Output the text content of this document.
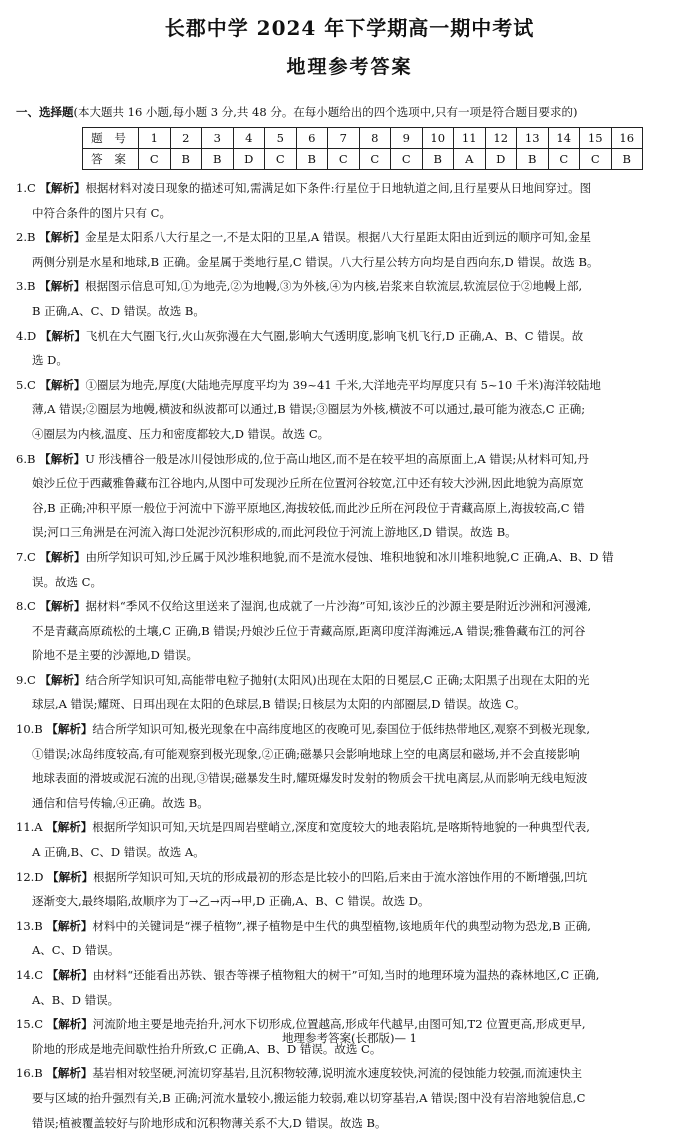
长郡中学 2024 年下学期高一期中考试
地理参考答案
一、选择题(本大题共 16 小题,每小题 3 分,共 48 分。在每小题给出的四个选项中,只有一项是符合题目要求的)
题 号	1	2	3	4	5	6	7	8	9	10	11	12	13	14	15	16
答 案	C	B	B	D	C	B	C	C	C	B	A	D	B	C	C	B
1.C 【解析】根据材料对凌日现象的描述可知,需满足如下条件:行星位于日地轨道之间,且行星要从日地间穿过。图
中符合条件的图片只有 C。
2.B 【解析】金星是太阳系八大行星之一,不是太阳的卫星,A 错误。根据八大行星距太阳由近到远的顺序可知,金星
两侧分别是水星和地球,B 正确。金星属于类地行星,C 错误。八大行星公转方向均是自西向东,D 错误。故选 B。
3.B 【解析】根据图示信息可知,①为地壳,②为地幔,③为外核,④为内核,岩浆来自软流层,软流层位于②地幔上部,
B 正确,A、C、D 错误。故选 B。
4.D 【解析】飞机在大气圈飞行,火山灰弥漫在大气圈,影响大气透明度,影响飞机飞行,D 正确,A、B、C 错误。故
选 D。
5.C 【解析】①圈层为地壳,厚度(大陆地壳厚度平均为 39~41 千米,大洋地壳平均厚度只有 5~10 千米)海洋较陆地
薄,A 错误;②圈层为地幔,横波和纵波都可以通过,B 错误;③圈层为外核,横波不可以通过,最可能为液态,C 正确;
④圈层为内核,温度、压力和密度都较大,D 错误。故选 C。
6.B 【解析】U 形浅槽谷一般是冰川侵蚀形成的,位于高山地区,而不是在较平坦的高原面上,A 错误;从材料可知,丹
娘沙丘位于西藏雅鲁藏布江谷地内,从图中可发现沙丘所在位置河谷较宽,江中还有较大沙洲,因此地貌为高原宽
谷,B 正确;冲积平原一般位于河流中下游平原地区,海拔较低,而此沙丘所在河段位于青藏高原上,海拔较高,C 错
误;河口三角洲是在河流入海口处泥沙沉积形成的,而此河段位于河流上游地区,D 错误。故选 B。
7.C 【解析】由所学知识可知,沙丘属于风沙堆积地貌,而不是流水侵蚀、堆积地貌和冰川堆积地貌,C 正确,A、B、D 错
误。故选 C。
8.C 【解析】据材料“季风不仅给这里送来了湿润,也成就了一片沙海”可知,该沙丘的沙源主要是附近沙洲和河漫滩,
不是青藏高原疏松的土壤,C 正确,B 错误;丹娘沙丘位于青藏高原,距离印度洋海滩远,A 错误;雅鲁藏布江的河谷
阶地不是主要的沙源地,D 错误。
9.C 【解析】结合所学知识可知,高能带电粒子抛射(太阳风)出现在太阳的日冕层,C 正确;太阳黑子出现在太阳的光
球层,A 错误;耀斑、日珥出现在太阳的色球层,B 错误;日核层为太阳的内部圈层,D 错误。故选 C。
10.B 【解析】结合所学知识可知,极光现象在中高纬度地区的夜晚可见,泰国位于低纬热带地区,观察不到极光现象,
①错误;冰岛纬度较高,有可能观察到极光现象,②正确;磁暴只会影响地球上空的电离层和磁场,并不会直接影响
地球表面的滑坡或泥石流的出现,③错误;磁暴发生时,耀斑爆发时发射的物质会干扰电离层,从而影响无线电短波
通信和信号传输,④正确。故选 B。
11.A 【解析】根据所学知识可知,天坑是四周岩壁峭立,深度和宽度较大的地表陷坑,是喀斯特地貌的一种典型代表,
A 正确,B、C、D 错误。故选 A。
12.D 【解析】根据所学知识可知,天坑的形成最初的形态是比较小的凹陷,后来由于流水溶蚀作用的不断增强,凹坑
逐渐变大,最终塌陷,故顺序为丁→乙→丙→甲,D 正确,A、B、C 错误。故选 D。
13.B 【解析】材料中的关键词是“裸子植物”,裸子植物是中生代的典型植物,该地质年代的典型动物为恐龙,B 正确,
A、C、D 错误。
14.C 【解析】由材料“还能看出苏铁、银杏等裸子植物粗大的树干”可知,当时的地理环境为温热的森林地区,C 正确,
A、B、D 错误。
15.C 【解析】河流阶地主要是地壳抬升,河水下切形成,位置越高,形成年代越早,由图可知,T2 位置更高,形成更早,
阶地的形成是地壳间歇性抬升所致,C 正确,A、B、D 错误。故选 C。
16.B 【解析】基岩相对较坚硬,河流切穿基岩,且沉积物较薄,说明流水速度较快,河流的侵蚀能力较强,而流速快主
要与区域的抬升强烈有关,B 正确;河流水量较小,搬运能力较弱,难以切穿基岩,A 错误;图中没有岩溶地貌信息,C
错误;植被覆盖较好与阶地形成和沉积物薄关系不大,D 错误。故选 B。
地理参考答案(长郡版)— 1
